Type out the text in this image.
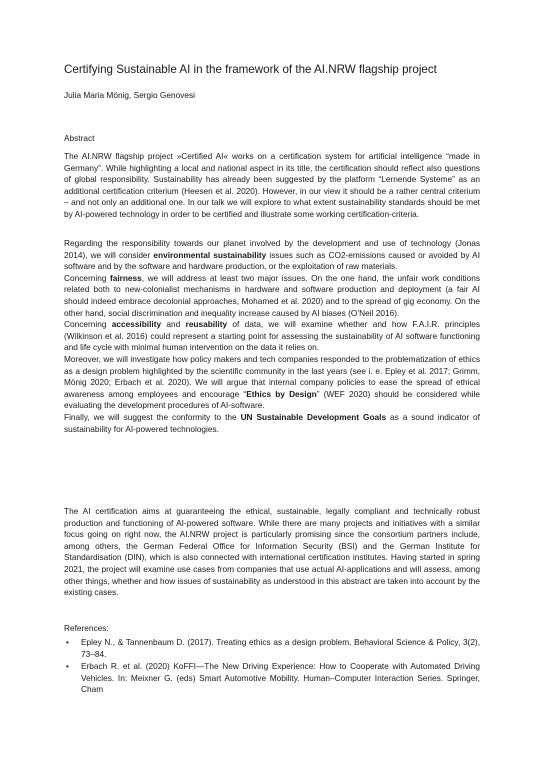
Certifying Sustainable AI in the framework of the AI.NRW flagship project
Julia Maria Mönig, Sergio Genovesi
Abstract

The AI.NRW flagship project »Certified AI« works on a certification system for artificial intelligence “made in Germany”. While highlighting a local and national aspect in its title, the certification should reflect also questions of global responsibility. Sustainability has already been suggested by the platform “Lernende Systeme” as an additional certification criterium (Heesen et al. 2020). However, in our view it should be a rather central criterium – and not only an additional one. In our talk we will explore to what extent sustainability standards should be met by AI-powered technology in order to be certified and illustrate some working certification-criteria.

Regarding the responsibility towards our planet involved by the development and use of technology (Jonas 2014), we will consider environmental sustainability issues such as CO2-emissions caused or avoided by AI software and by the software and hardware production, or the exploitation of raw materials.

Concerning fairness, we will address at least two major issues. On the one hand, the unfair work conditions related both to new-colonialist mechanisms in hardware and software production and deployment (a fair AI should indeed embrace decolonial approaches, Mohamed et al. 2020) and to the spread of gig economy. On the other hand, social discrimination and inequality increase caused by AI biases (O’Neil 2016).

Concerning accessibility and reusability of data, we will examine whether and how F.A.I.R. principles (Wilkinson et al. 2016) could represent a starting point for assessing the sustainability of AI software functioning and life cycle with minimal human intervention on the data it relies on.

Moreover, we will investigate how policy makers and tech companies responded to the problematization of ethics as a design problem highlighted by the scientific community in the last years (see i. e. Epley et al. 2017; Grimm, Mönig 2020; Erbach et al. 2020). We will argue that internal company policies to ease the spread of ethical awareness among employees and encourage “Ethics by Design” (WEF 2020) should be considered while evaluating the development procedures of AI-software.

Finally, we will suggest the conformity to the UN Sustainable Development Goals as a sound indicator of sustainability for AI-powered technologies.

The AI certification aims at guaranteeing the ethical, sustainable, legally compliant and technically robust production and functioning of AI-powered software. While there are many projects and initiatives with a similar focus going on right now, the AI.NRW project is particularly promising since the consortium partners include, among others, the German Federal Office for Information Security (BSI) and the German Institute for Standardisation (DIN), which is also connected with international certification institutes. Having started in spring 2021, the project will examine use cases from companies that use actual AI-applications and will assess, among other things, whether and how issues of sustainability as understood in this abstract are taken into account by the existing cases.

References:
• Epley N., & Tannenbaum D. (2017). Treating ethics as a design problem. Behavioral Science & Policy, 3(2), 73–84.
• Erbach R. et al. (2020) KoFFI—The New Driving Experience: How to Cooperate with Automated Driving Vehicles. In: Meixner G. (eds) Smart Automotive Mobility. Human–Computer Interaction Series. Springer, Cham
